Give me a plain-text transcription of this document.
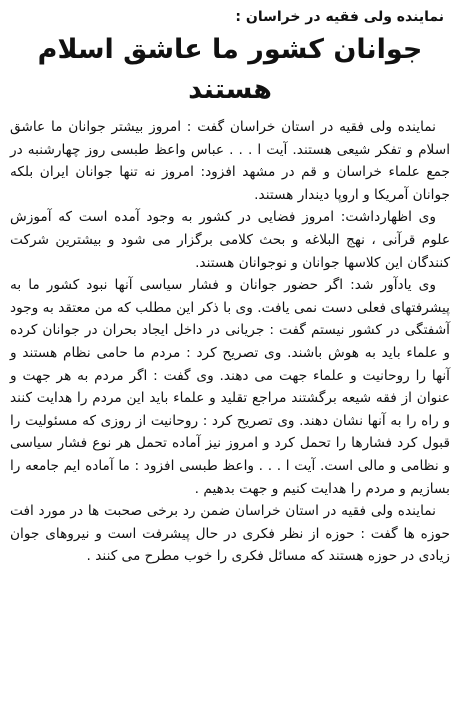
نماینده ولی فقیه در خراسان :
جوانان کشور ما عاشق اسلام هستند

نماینده ولی فقیه در استان خراسان گفت : امروز بیشتر جوانان ما عاشق اسلام و تفکر شیعی هستند. آیت ا . . . عباس واعظ طبسی روز چهارشنبه در جمع علماء خراسان و قم در مشهد افزود: امروز نه تنها جوانان ایران بلکه جوانان آمریکا و اروپا دیندار هستند.

وی اظهارداشت: امروز فضایی در کشور به وجود آمده است که آموزش علوم قرآنی ، نهج البلاغه و بحث کلامی برگزار می شود و بیشترین شرکت کنندگان این کلاسها جوانان و نوجوانان هستند.

وی یادآور شد: اگر حضور جوانان و فشار سیاسی آنها نبود کشور ما به پیشرفتهای فعلی دست نمی یافت. وی با ذکر این مطلب که من معتقد به وجود آشفتگی در کشور نیستم گفت : جریانی در داخل ایجاد بحران در جوانان کرده و علماء باید به هوش باشند. وی تصریح کرد : مردم ما حامی نظام هستند و آنها را روحانیت و علماء جهت می دهند. وی گفت : اگر مردم به هر جهت و عنوان از فقه شیعه برگشتند مراجع تقلید و علماء باید این مردم را هدایت کنند و راه را به آنها نشان دهند. وی تصریح کرد : روحانیت از روزی که مسئولیت را قبول کرد فشارها را تحمل کرد و امروز نیز آماده تحمل هر نوع فشار سیاسی و نظامی و مالی است. آیت ا . . . واعظ طبسی افزود : ما آماده ایم جامعه را بسازیم و مردم را هدایت کنیم و جهت بدهیم .

نماینده ولی فقیه در استان خراسان ضمن رد برخی صحبت ها در مورد افت حوزه ها گفت : حوزه از نظر فکری در حال پیشرفت است و نیروهای جوان زیادی در حوزه هستند که مسائل فکری را خوب مطرح می کنند .
